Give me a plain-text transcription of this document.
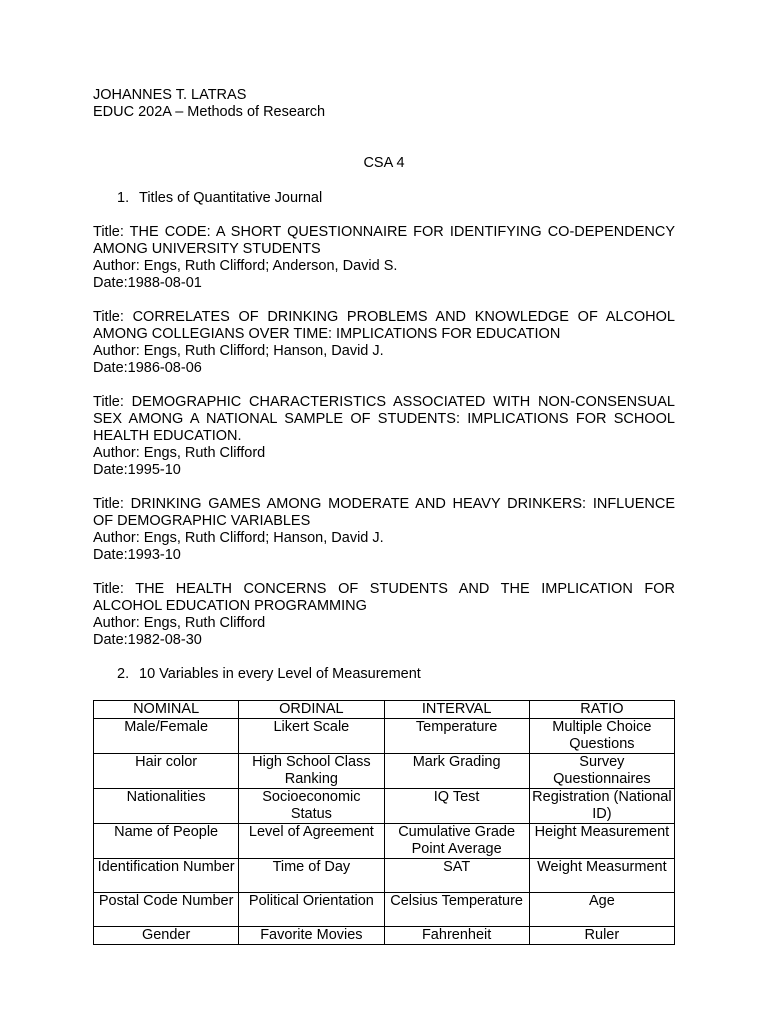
JOHANNES T. LATRAS
EDUC 202A – Methods of Research
CSA 4
1. Titles of Quantitative Journal
Title: THE CODE: A SHORT QUESTIONNAIRE FOR IDENTIFYING CO-DEPENDENCY AMONG UNIVERSITY STUDENTS
Author: Engs, Ruth Clifford; Anderson, David S.
Date:1988-08-01
Title: CORRELATES OF DRINKING PROBLEMS AND KNOWLEDGE OF ALCOHOL AMONG COLLEGIANS OVER TIME: IMPLICATIONS FOR EDUCATION
Author: Engs, Ruth Clifford; Hanson, David J.
Date:1986-08-06
Title: DEMOGRAPHIC CHARACTERISTICS ASSOCIATED WITH NON-CONSENSUAL SEX AMONG A NATIONAL SAMPLE OF STUDENTS: IMPLICATIONS FOR SCHOOL HEALTH EDUCATION.
Author: Engs, Ruth Clifford
Date:1995-10
Title: DRINKING GAMES AMONG MODERATE AND HEAVY DRINKERS: INFLUENCE OF DEMOGRAPHIC VARIABLES
Author: Engs, Ruth Clifford; Hanson, David J.
Date:1993-10
Title: THE HEALTH CONCERNS OF STUDENTS AND THE IMPLICATION FOR ALCOHOL EDUCATION PROGRAMMING
Author: Engs, Ruth Clifford
Date:1982-08-30
2. 10 Variables in every Level of Measurement
NOMINAL	ORDINAL	INTERVAL	RATIO
Male/Female	Likert Scale	Temperature	Multiple Choice Questions
Hair color	High School Class Ranking	Mark Grading	Survey Questionnaires
Nationalities	Socioeconomic Status	IQ Test	Registration (National ID)
Name of People	Level of Agreement	Cumulative Grade Point Average	Height Measurement
Identification Number	Time of Day	SAT	Weight Measurment
Postal Code Number	Political Orientation	Celsius Temperature	Age
Gender	Favorite Movies	Fahrenheit	Ruler
